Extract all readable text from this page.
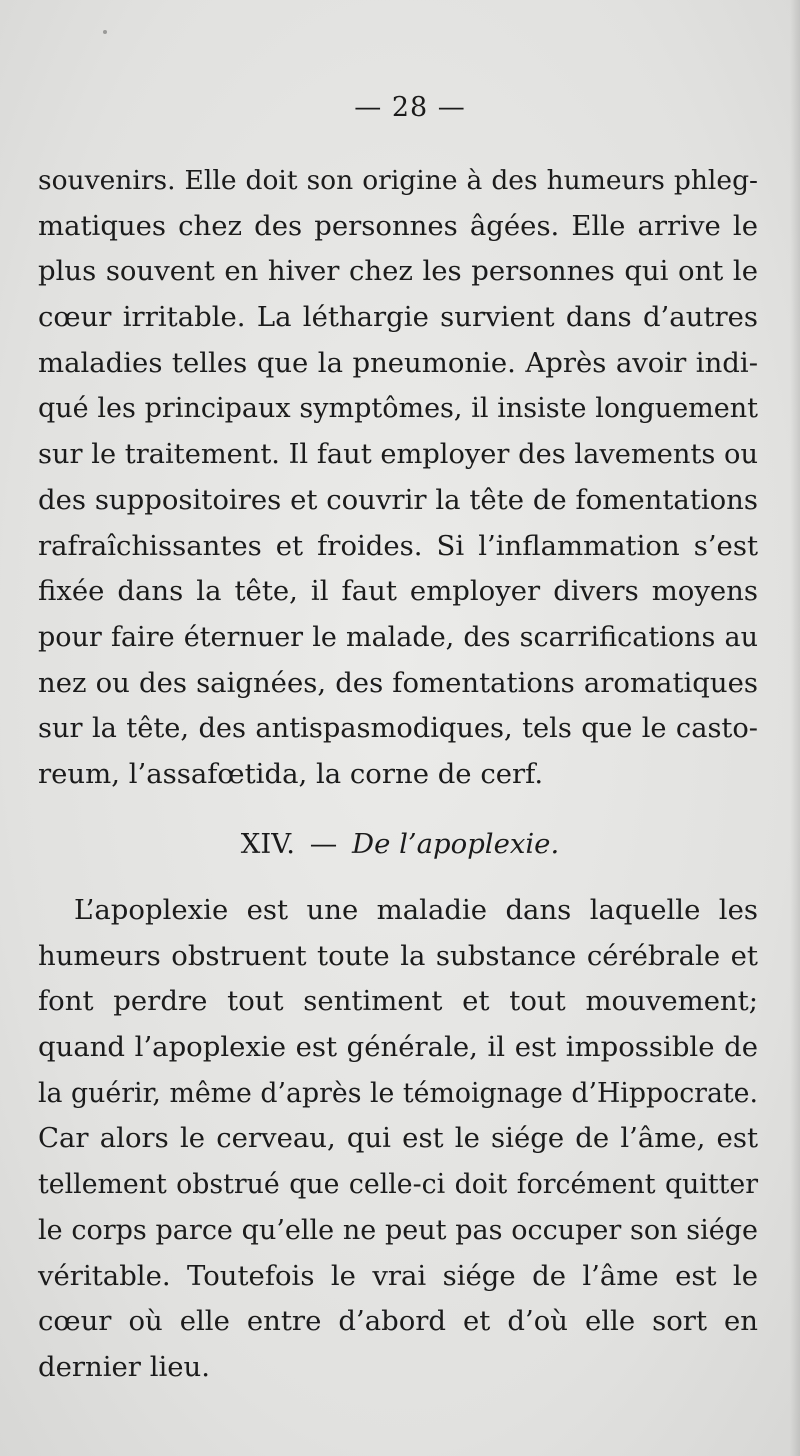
— 28 —
souvenirs. Elle doit son origine à des humeurs phleg-
matiques chez des personnes âgées. Elle arrive le
plus souvent en hiver chez les personnes qui ont le
cœur irritable. La léthargie survient dans d’autres
maladies telles que la pneumonie. Après avoir indi-
qué les principaux symptômes, il insiste longuement
sur le traitement. Il faut employer des lavements ou
des suppositoires et couvrir la tête de fomentations
rafraîchissantes et froides. Si l’inflammation s’est
fixée dans la tête, il faut employer divers moyens
pour faire éternuer le malade, des scarrifications au
nez ou des saignées, des fomentations aromatiques
sur la tête, des antispasmodiques, tels que le casto-
reum, l’assafœtida, la corne de cerf.
XIV. — De l’apoplexie.
L’apoplexie est une maladie dans laquelle les
humeurs obstruent toute la substance cérébrale et
font perdre tout sentiment et tout mouvement;
quand l’apoplexie est générale, il est impossible de
la guérir, même d’après le témoignage d’Hippocrate.
Car alors le cerveau, qui est le siége de l’âme, est
tellement obstrué que celle-ci doit forcément quitter
le corps parce qu’elle ne peut pas occuper son siége
véritable. Toutefois le vrai siége de l’âme est le
cœur où elle entre d’abord et d’où elle sort en
dernier lieu.
